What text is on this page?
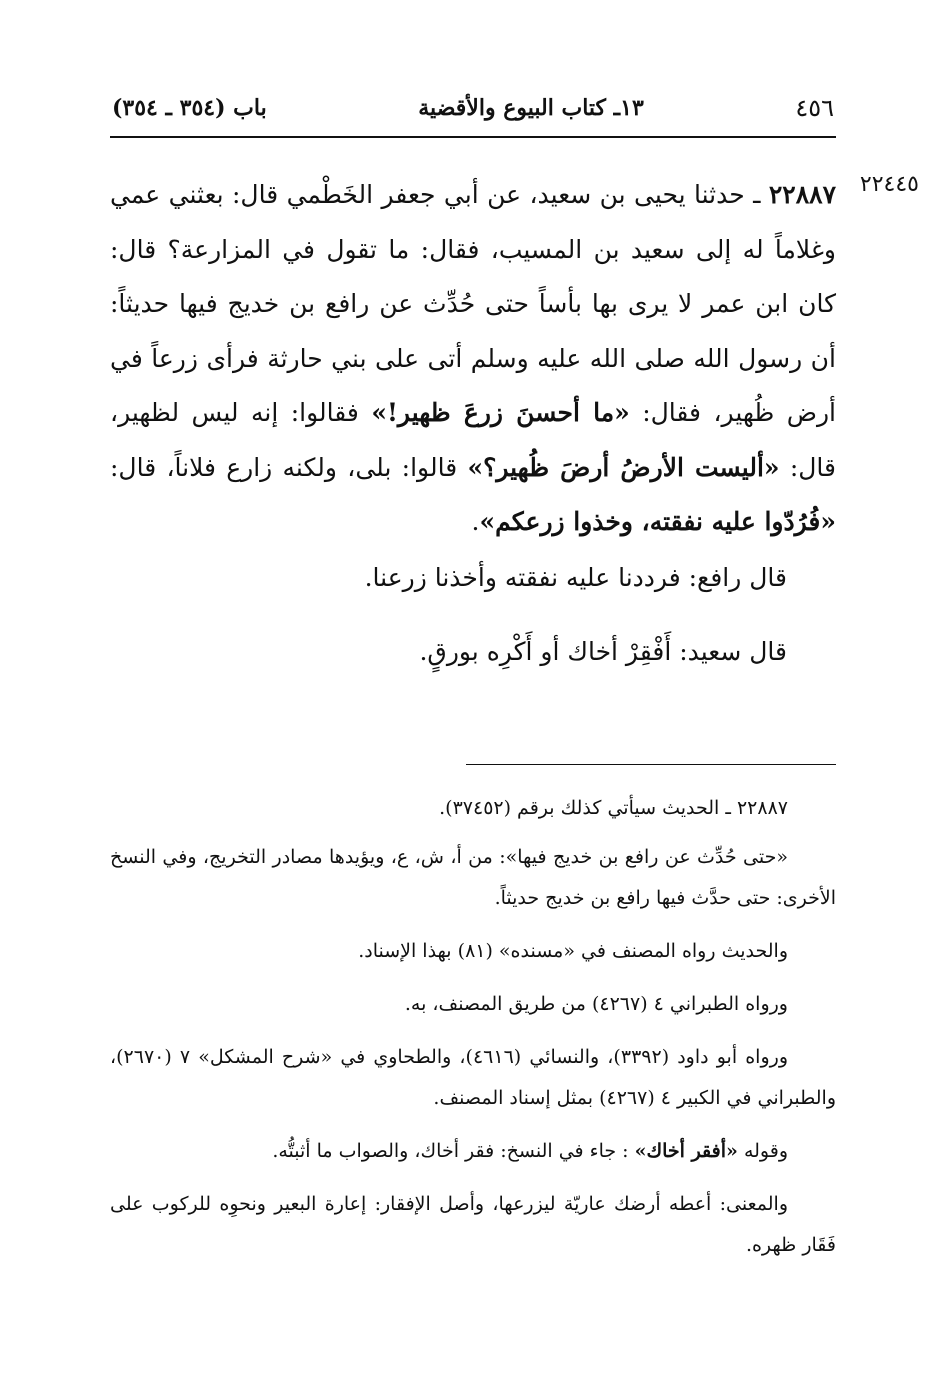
٤٥٦
١٣ـ كتاب البيوع والأقضية
باب (٣٥٤ ـ ٣٥٤)
٢٢٤٤٥
٢٢٨٨٧ ـ حدثنا يحيى بن سعيد، عن أبي جعفر الخَطْمي قال: بعثني عمي وغلاماً له إلى سعيد بن المسيب، فقال: ما تقول في المزارعة؟ قال: كان ابن عمر لا يرى بها بأساً حتى حُدِّث عن رافع بن خديج فيها حديثاً: أن رسول الله صلى الله عليه وسلم أتى على بني حارثة فرأى زرعاً في أرض ظُهير، فقال: «ما أحسنَ زرعَ ظهير!» فقالوا: إنه ليس لظهير، قال: «أليست الأرضُ أرضَ ظُهير؟» قالوا: بلى، ولكنه زارع فلاناً، قال: «فُرُدّوا عليه نفقته، وخذوا زرعكم».
قال رافع: فرددنا عليه نفقته وأخذنا زرعنا.
قال سعيد: أَفْقِرْ أخاك أو أَكْرِه بورقٍ.

٢٢٨٨٧ ـ الحديث سيأتي كذلك برقم (٣٧٤٥٢).

«حتى حُدِّث عن رافع بن خديج فيها»: من أ، ش، ع، ويؤيدها مصادر التخريج، وفي النسخ الأخرى: حتى حدَّث فيها رافع بن خديج حديثاً.

والحديث رواه المصنف في «مسنده» (٨١) بهذا الإسناد.

ورواه الطبراني ٤ (٤٢٦٧) من طريق المصنف، به.

ورواه أبو داود (٣٣٩٢)، والنسائي (٤٦١٦)، والطحاوي في «شرح المشكل» ٧ (٢٦٧٠)، والطبراني في الكبير ٤ (٤٢٦٧) بمثل إسناد المصنف.

وقوله «أفقر أخاك» : جاء في النسخ: فقر أخاك، والصواب ما أثبتُّه.

والمعنى: أعطه أرضك عاريّة ليزرعها، وأصل الإفقار: إعارة البعير ونحوِه للركوب على فَقَار ظهره.
